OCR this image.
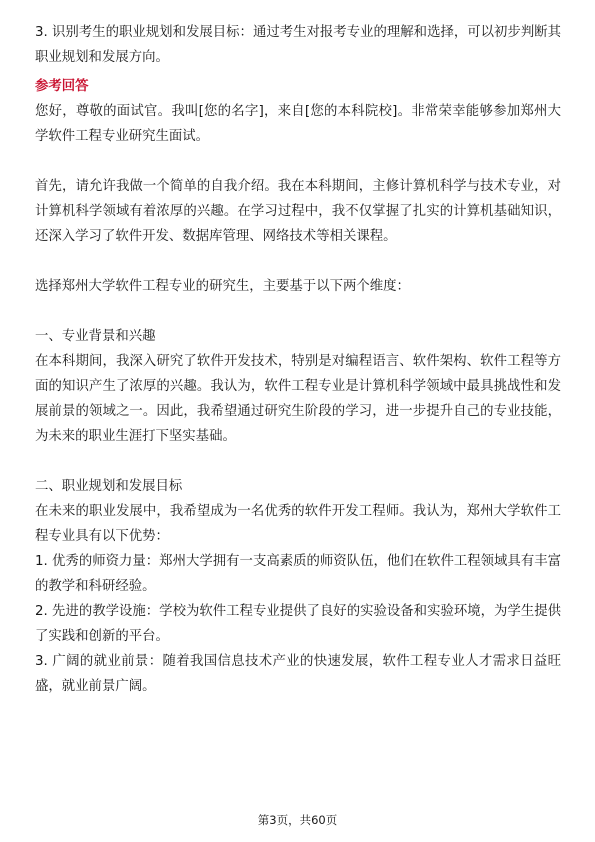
3. 识别考生的职业规划和发展目标：通过考生对报考专业的理解和选择，可以初步判断其职业规划和发展方向。

参考回答

您好，尊敬的面试官。我叫[您的名字]，来自[您的本科院校]。非常荣幸能够参加郑州大学软件工程专业研究生面试。

首先，请允许我做一个简单的自我介绍。我在本科期间，主修计算机科学与技术专业，对计算机科学领域有着浓厚的兴趣。在学习过程中，我不仅掌握了扎实的计算机基础知识，还深入学习了软件开发、数据库管理、网络技术等相关课程。

选择郑州大学软件工程专业的研究生，主要基于以下两个维度：

一、专业背景和兴趣

在本科期间，我深入研究了软件开发技术，特别是对编程语言、软件架构、软件工程等方面的知识产生了浓厚的兴趣。我认为，软件工程专业是计算机科学领域中最具挑战性和发展前景的领域之一。因此，我希望通过研究生阶段的学习，进一步提升自己的专业技能，为未来的职业生涯打下坚实基础。

二、职业规划和发展目标

在未来的职业发展中，我希望成为一名优秀的软件开发工程师。我认为，郑州大学软件工程专业具有以下优势：

1. 优秀的师资力量：郑州大学拥有一支高素质的师资队伍，他们在软件工程领域具有丰富的教学和科研经验。

2. 先进的教学设施：学校为软件工程专业提供了良好的实验设备和实验环境，为学生提供了实践和创新的平台。

3. 广阔的就业前景：随着我国信息技术产业的快速发展，软件工程专业人才需求日益旺盛，就业前景广阔。

第3页，共60页
